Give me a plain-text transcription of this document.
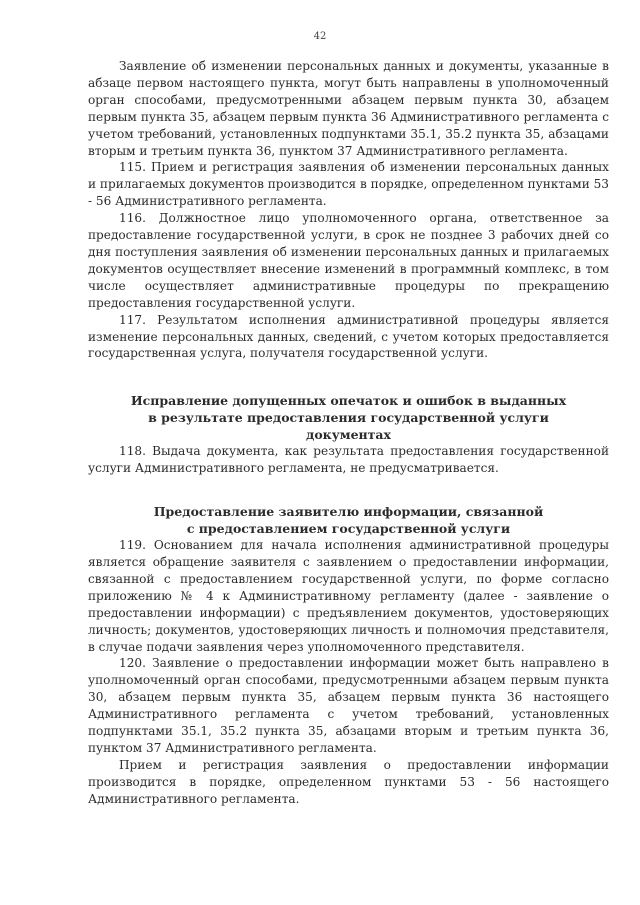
42

Заявление об изменении персональных данных и документы, указанные в абзаце первом настоящего пункта, могут быть направлены в уполномоченный орган способами, предусмотренными абзацем первым пункта 30, абзацем первым пункта 35, абзацем первым пункта 36 Административного регламента с учетом требований, установленных подпунктами 35.1, 35.2 пункта 35, абзацами вторым и третьим пункта 36, пунктом 37 Административного регламента.

115. Прием и регистрация заявления об изменении персональных данных и прилагаемых документов производится в порядке, определенном пунктами 53 - 56 Административного регламента.

116. Должностное лицо уполномоченного органа, ответственное за предоставление государственной услуги, в срок не позднее 3 рабочих дней со дня поступления заявления об изменении персональных данных и прилагаемых документов осуществляет внесение изменений в программный комплекс, в том числе осуществляет административные процедуры по прекращению предоставления государственной услуги.

117. Результатом исполнения административной процедуры является изменение персональных данных, сведений, с учетом которых предоставляется государственная услуга, получателя государственной услуги.

Исправление допущенных опечаток и ошибок в выданных
в результате предоставления государственной услуги
документах

118. Выдача документа, как результата предоставления государственной услуги Административного регламента, не предусматривается.

Предоставление заявителю информации, связанной
с предоставлением государственной услуги

119. Основанием для начала исполнения административной процедуры является обращение заявителя с заявлением о предоставлении информации, связанной с предоставлением государственной услуги, по форме согласно приложению № 4 к Административному регламенту (далее - заявление о предоставлении информации) с предъявлением документов, удостоверяющих личность; документов, удостоверяющих личность и полномочия представителя, в случае подачи заявления через уполномоченного представителя.

120. Заявление о предоставлении информации может быть направлено в уполномоченный орган способами, предусмотренными абзацем первым пункта 30, абзацем первым пункта 35, абзацем первым пункта 36 настоящего Административного регламента с учетом требований, установленных подпунктами 35.1, 35.2 пункта 35, абзацами вторым и третьим пункта 36, пунктом 37 Административного регламента.

Прием и регистрация заявления о предоставлении информации производится в порядке, определенном пунктами 53 - 56 настоящего Административного регламента.
